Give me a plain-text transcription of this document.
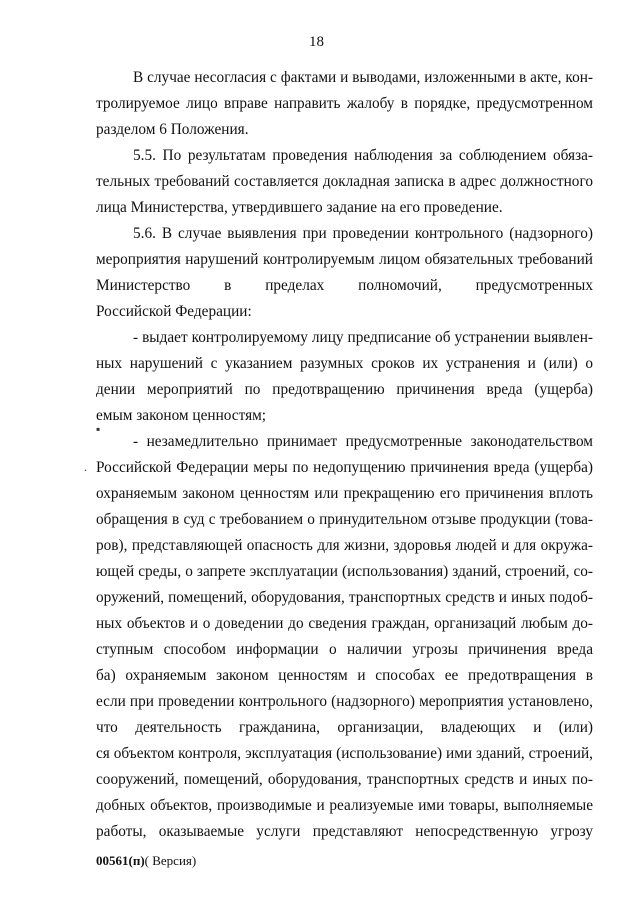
18
В случае несогласия с фактами и выводами, изложенными в акте, кон-
тролируемое лицо вправе направить жалобу в порядке, предусмотренном
разделом 6 Положения.
5.5. По результатам проведения наблюдения за соблюдением обяза-
тельных требований составляется докладная записка в адрес должностного
лица Министерства, утвердившего задание на его проведение.
5.6. В случае выявления при проведении контрольного (надзорного)
мероприятия нарушений контролируемым лицом обязательных требований
Министерство в пределах полномочий, предусмотренных
Российской Федерации:
- выдает контролируемому лицу предписание об устранении выявлен-
ных нарушений с указанием разумных сроков их устранения и (или) о
дении мероприятий по предотвращению причинения вреда (ущерба)
емым законом ценностям;
▪
- незамедлительно принимает предусмотренные законодательством
. Российской Федерации меры по недопущению причинения вреда (ущерба)
охраняемым законом ценностям или прекращению его причинения вплоть
обращения в суд с требованием о принудительном отзыве продукции (това-
ров), представляющей опасность для жизни, здоровья людей и для окружа-
ющей среды, о запрете эксплуатации (использования) зданий, строений, со-
оружений, помещений, оборудования, транспортных средств и иных подоб-
ных объектов и о доведении до сведения граждан, организаций любым до-
ступным способом информации о наличии угрозы причинения вреда
ба) охраняемым законом ценностям и способах ее предотвращения в
если при проведении контрольного (надзорного) мероприятия установлено,
что деятельность гражданина, организации, владеющих и (или)
ся объектом контроля, эксплуатация (использование) ими зданий, строений,
сооружений, помещений, оборудования, транспортных средств и иных по-
добных объектов, производимые и реализуемые ими товары, выполняемые
работы, оказываемые услуги представляют непосредственную угрозу
00561(п)( Версия)
